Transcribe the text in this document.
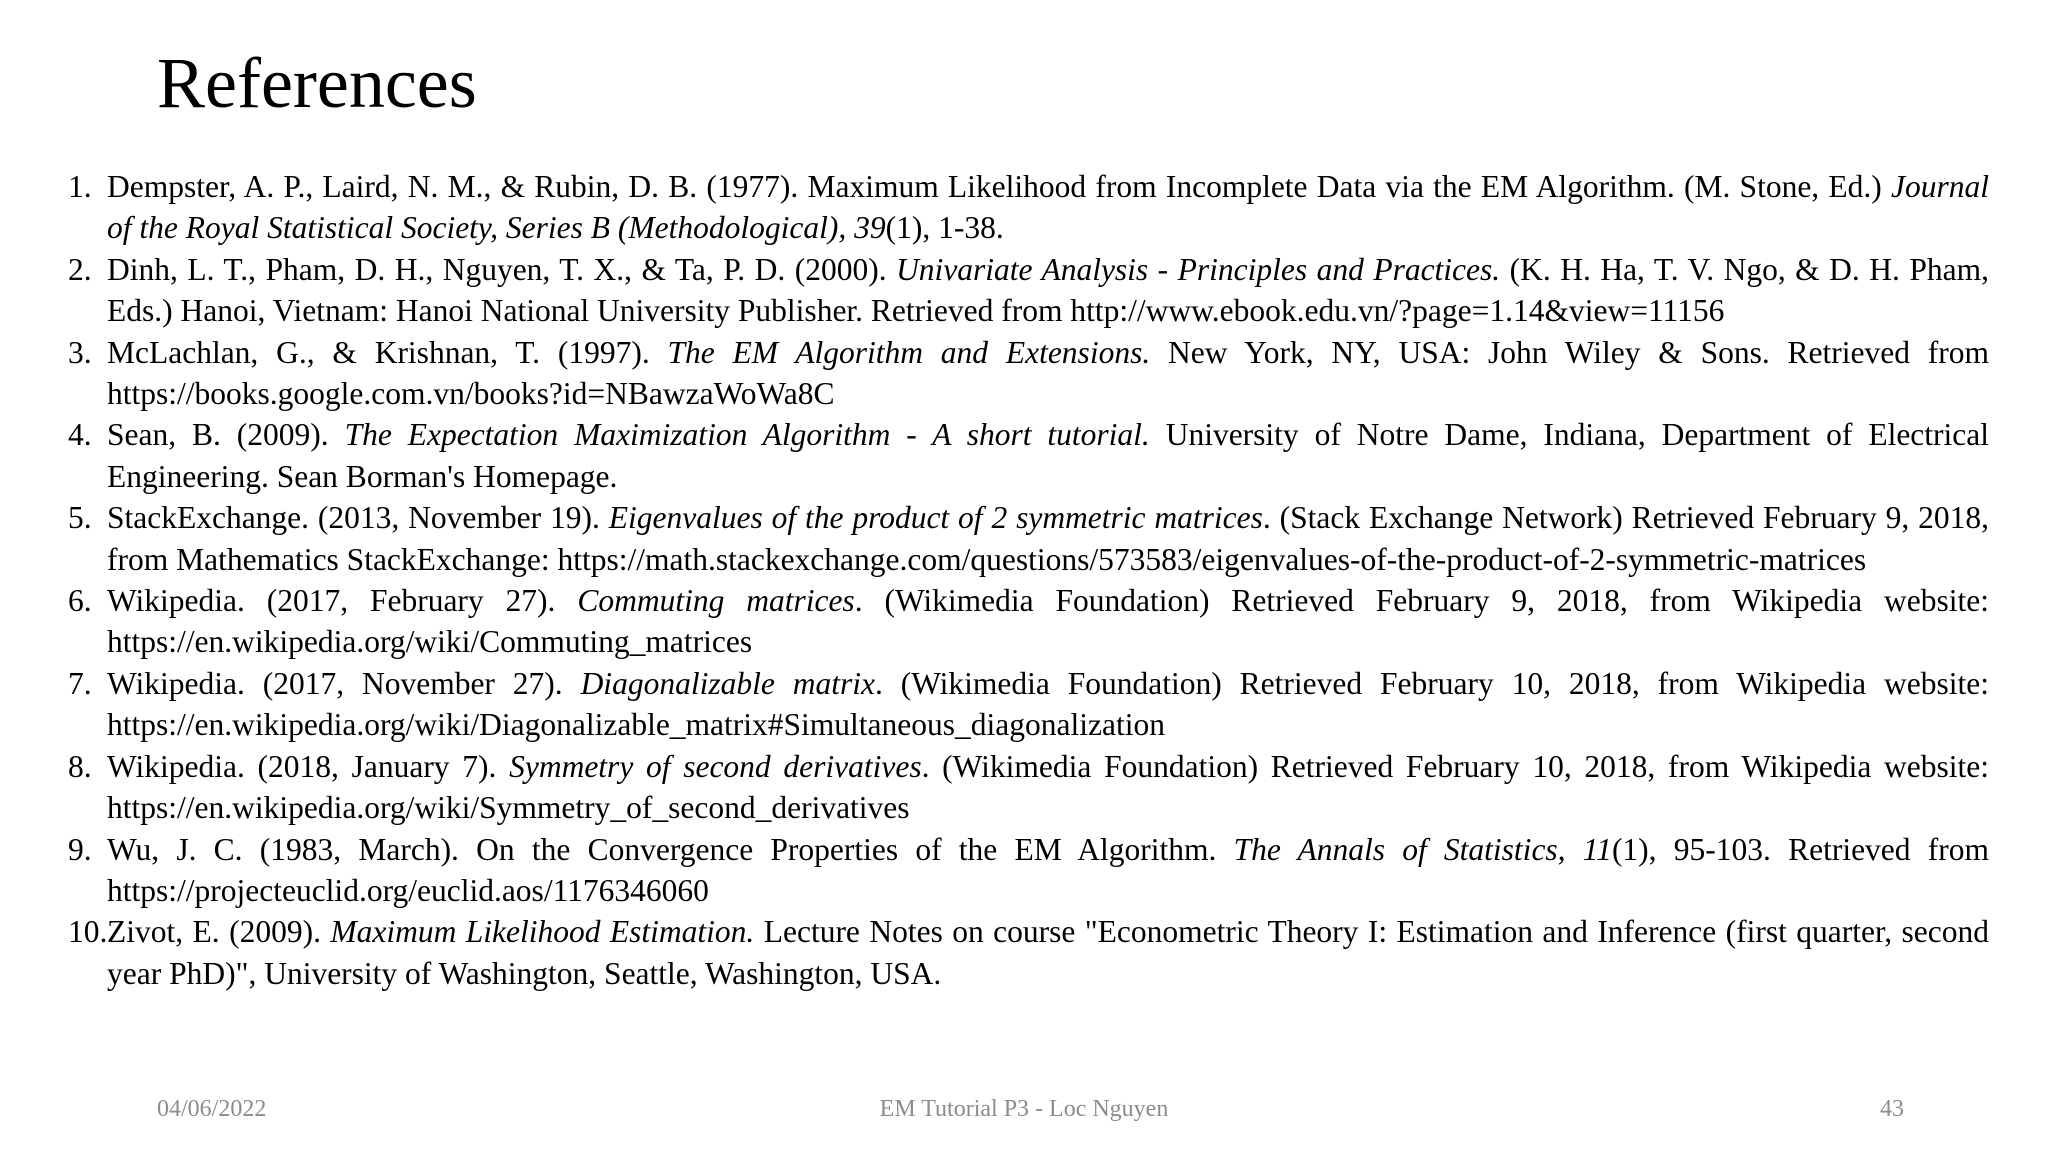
References
1. Dempster, A. P., Laird, N. M., & Rubin, D. B. (1977). Maximum Likelihood from Incomplete Data via the EM Algorithm. (M. Stone, Ed.) Journal of the Royal Statistical Society, Series B (Methodological), 39(1), 1-38.
2. Dinh, L. T., Pham, D. H., Nguyen, T. X., & Ta, P. D. (2000). Univariate Analysis - Principles and Practices. (K. H. Ha, T. V. Ngo, & D. H. Pham, Eds.) Hanoi, Vietnam: Hanoi National University Publisher. Retrieved from http://www.ebook.edu.vn/?page=1.14&view=11156
3. McLachlan, G., & Krishnan, T. (1997). The EM Algorithm and Extensions. New York, NY, USA: John Wiley & Sons. Retrieved from https://books.google.com.vn/books?id=NBawzaWoWa8C
4. Sean, B. (2009). The Expectation Maximization Algorithm - A short tutorial. University of Notre Dame, Indiana, Department of Electrical Engineering. Sean Borman's Homepage.
5. StackExchange. (2013, November 19). Eigenvalues of the product of 2 symmetric matrices. (Stack Exchange Network) Retrieved February 9, 2018, from Mathematics StackExchange: https://math.stackexchange.com/questions/573583/eigenvalues-of-the-product-of-2-symmetric-matrices
6. Wikipedia. (2017, February 27). Commuting matrices. (Wikimedia Foundation) Retrieved February 9, 2018, from Wikipedia website: https://en.wikipedia.org/wiki/Commuting_matrices
7. Wikipedia. (2017, November 27). Diagonalizable matrix. (Wikimedia Foundation) Retrieved February 10, 2018, from Wikipedia website: https://en.wikipedia.org/wiki/Diagonalizable_matrix#Simultaneous_diagonalization
8. Wikipedia. (2018, January 7). Symmetry of second derivatives. (Wikimedia Foundation) Retrieved February 10, 2018, from Wikipedia website: https://en.wikipedia.org/wiki/Symmetry_of_second_derivatives
9. Wu, J. C. (1983, March). On the Convergence Properties of the EM Algorithm. The Annals of Statistics, 11(1), 95-103. Retrieved from https://projecteuclid.org/euclid.aos/1176346060
10. Zivot, E. (2009). Maximum Likelihood Estimation. Lecture Notes on course "Econometric Theory I: Estimation and Inference (first quarter, second year PhD)", University of Washington, Seattle, Washington, USA.
04/06/2022	EM Tutorial P3 - Loc Nguyen	43
